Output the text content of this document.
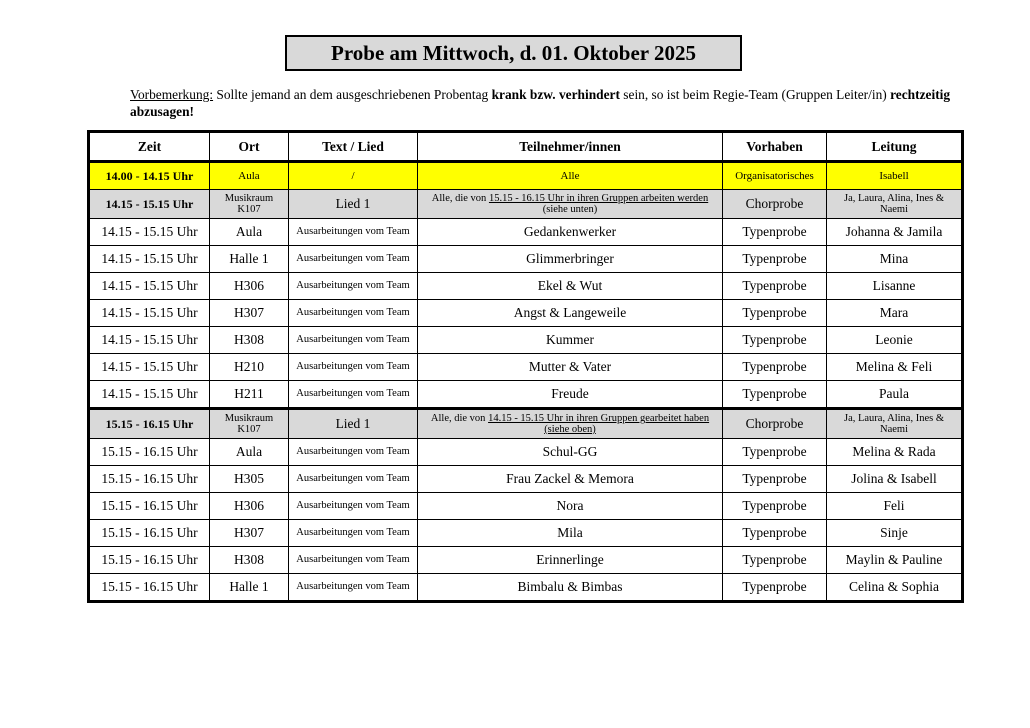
Probe am Mittwoch, d. 01. Oktober 2025
Vorbemerkung: Sollte jemand an dem ausgeschriebenen Probentag krank bzw. verhindert sein, so ist beim Regie-Team (Gruppen Leiter/in) rechtzeitig abzusagen!
Zeit	Ort	Text / Lied	Teilnehmer/innen	Vorhaben	Leitung
14.00 - 14.15 Uhr	Aula	/	Alle	Organisatorisches	Isabell
14.15 - 15.15 Uhr	Musikraum K107	Lied 1	Alle, die von 15.15 - 16.15 Uhr in ihren Gruppen arbeiten werden (siehe unten)	Chorprobe	Ja, Laura, Alina, Ines & Naemi
14.15 - 15.15 Uhr	Aula	Ausarbeitungen vom Team	Gedankenwerker	Typenprobe	Johanna & Jamila
14.15 - 15.15 Uhr	Halle 1	Ausarbeitungen vom Team	Glimmerbringer	Typenprobe	Mina
14.15 - 15.15 Uhr	H306	Ausarbeitungen vom Team	Ekel & Wut	Typenprobe	Lisanne
14.15 - 15.15 Uhr	H307	Ausarbeitungen vom Team	Angst & Langeweile	Typenprobe	Mara
14.15 - 15.15 Uhr	H308	Ausarbeitungen vom Team	Kummer	Typenprobe	Leonie
14.15 - 15.15 Uhr	H210	Ausarbeitungen vom Team	Mutter & Vater	Typenprobe	Melina & Feli
14.15 - 15.15 Uhr	H211	Ausarbeitungen vom Team	Freude	Typenprobe	Paula
15.15 - 16.15 Uhr	Musikraum K107	Lied 1	Alle, die von 14.15 - 15.15 Uhr in ihren Gruppen gearbeitet haben (siehe oben)	Chorprobe	Ja, Laura, Alina, Ines & Naemi
15.15 - 16.15 Uhr	Aula	Ausarbeitungen vom Team	Schul-GG	Typenprobe	Melina & Rada
15.15 - 16.15 Uhr	H305	Ausarbeitungen vom Team	Frau Zackel & Memora	Typenprobe	Jolina & Isabell
15.15 - 16.15 Uhr	H306	Ausarbeitungen vom Team	Nora	Typenprobe	Feli
15.15 - 16.15 Uhr	H307	Ausarbeitungen vom Team	Mila	Typenprobe	Sinje
15.15 - 16.15 Uhr	H308	Ausarbeitungen vom Team	Erinnerlinge	Typenprobe	Maylin & Pauline
15.15 - 16.15 Uhr	Halle 1	Ausarbeitungen vom Team	Bimbalu & Bimbas	Typenprobe	Celina & Sophia
